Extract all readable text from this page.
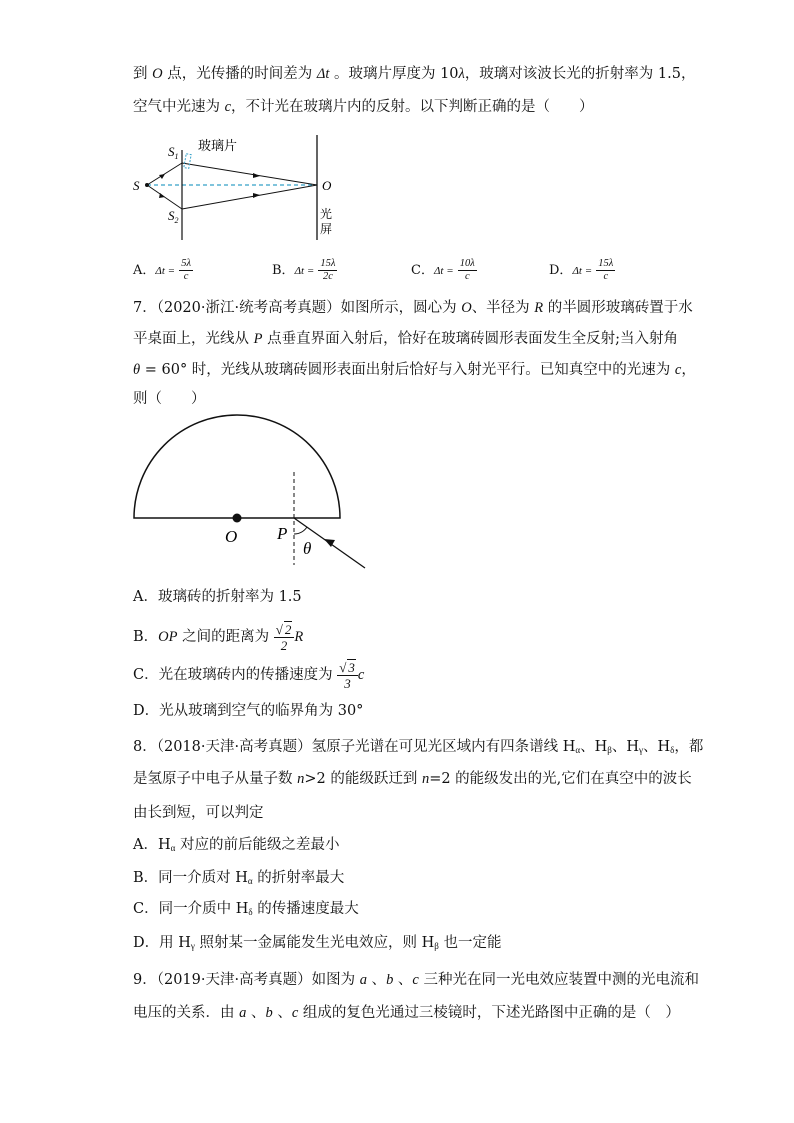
到 O 点，光传播的时间差为 Δt 。玻璃片厚度为 10λ，玻璃对该波长光的折射率为 1.5，
空气中光速为 c，不计光在玻璃片内的反射。以下判断正确的是（　　）
玻璃片
$S_1$
S
$S_2$
O
光
屏
A．$\Delta t = \frac{5\lambda}{c}$	B．$\Delta t = \frac{15\lambda}{2c}$	C．$\Delta t = \frac{10\lambda}{c}$	D．$\Delta t = \frac{15\lambda}{c}$
7．（2020·浙江·统考高考真题）如图所示，圆心为 O、半径为 R 的半圆形玻璃砖置于水
平桌面上，光线从 P 点垂直界面入射后，恰好在玻璃砖圆形表面发生全反射;当入射角
θ = 60° 时，光线从玻璃砖圆形表面出射后恰好与入射光平行。已知真空中的光速为 c，
则（　　）
O P
θ
A．玻璃砖的折射率为 1.5
B．OP 之间的距离为 $\frac{√ 2}{2}$ R
C．光在玻璃砖内的传播速度为 $\frac{√ 3}{3}$ c
D．光从玻璃到空气的临界角为 30°
8．（2018·天津·高考真题）氢原子光谱在可见光区域内有四条谱线 $H_\alpha$、$H_\beta$、$H_\gamma$、$H_\delta$，都
是氢原子中电子从量子数 n>2 的能级跃迁到 n=2 的能级发出的光,它们在真空中的波长
由长到短，可以判定
A．$H_\alpha$ 对应的前后能级之差最小
B．同一介质对 $H_\alpha$ 的折射率最大
C．同一介质中 $H_\delta$ 的传播速度最大
D．用 $H_\gamma$ 照射某一金属能发生光电效应，则 $H_\beta$ 也一定能
9．（2019·天津·高考真题）如图为 a 、b 、c 三种光在同一光电效应装置中测的光电流和
电压的关系．由 a 、b 、c 组成的复色光通过三棱镜时，下述光路图中正确的是（　）
